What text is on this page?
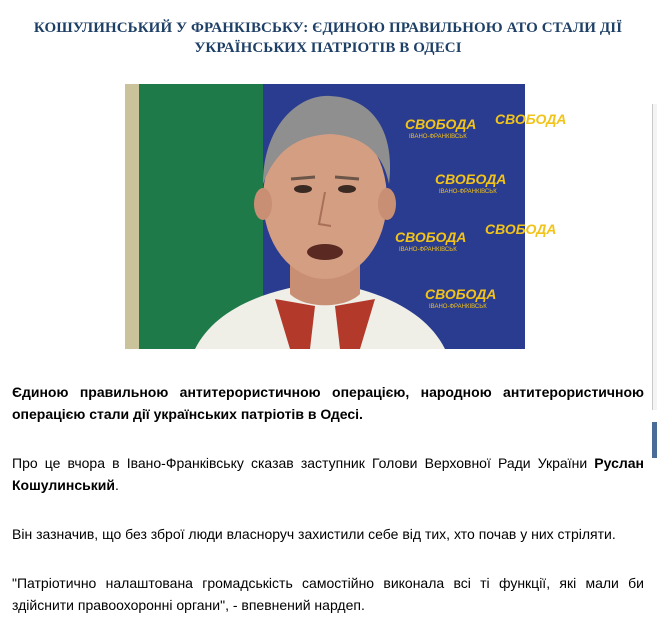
КОШУЛИНСЬКИЙ У ФРАНКІВСЬКУ: ЄДИНОЮ ПРАВИЛЬНОЮ АТО СТАЛИ ДІЇ
УКРАЇНСЬКИХ ПАТРІОТІВ В ОДЕСІ
СВОБОДА
СВОБОДА
СВОБОДА
СВОБОДА
СВОБОДА
СВОБОДА
ІВАНО-ФРАНКІВСЬК
ІВАНО-ФРАНКІВСЬК
ІВАНО-ФРАНКІВСЬК
ІВАНО-ФРАНКІВСЬК

Єдиною правильною антитерористичною операцією, народною антитерористичною операцією стали дії українських патріотів в Одесі.

Про це вчора в Івано-Франківську сказав заступник Голови Верховної Ради України Руслан Кошулинський.

Він зазначив, що без зброї люди власноруч захистили себе від тих, хто почав у них стріляти.

"Патріотично налаштована громадськість самостійно виконала всі ті функції, які мали би здійснити правоохоронні органи", - впевнений нардеп.
